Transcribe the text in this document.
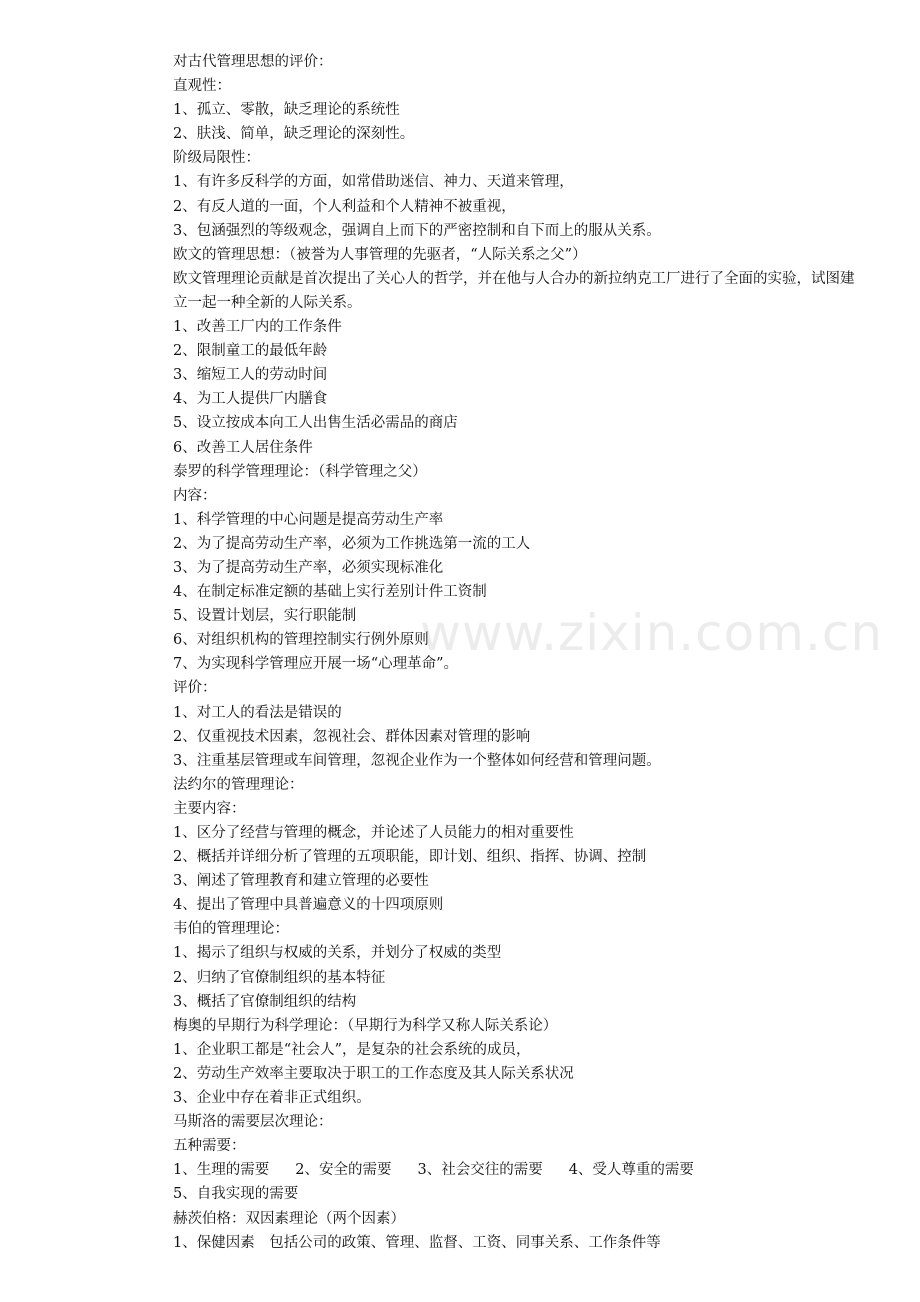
www.zixin.com.cn
对古代管理思想的评价：
直观性：
1、孤立、零散，缺乏理论的系统性
2、肤浅、简单，缺乏理论的深刻性。
阶级局限性：
1、有许多反科学的方面，如常借助迷信、神力、天道来管理，
2、有反人道的一面，个人利益和个人精神不被重视，
3、包涵强烈的等级观念，强调自上而下的严密控制和自下而上的服从关系。
欧文的管理思想：（被誉为人事管理的先驱者，“人际关系之父”）
欧文管理理论贡献是首次提出了关心人的哲学，并在他与人合办的新拉纳克工厂进行了全面的实验，试图建立一起一种全新的人际关系。
1、改善工厂内的工作条件
2、限制童工的最低年龄
3、缩短工人的劳动时间
4、为工人提供厂内膳食
5、设立按成本向工人出售生活必需品的商店
6、改善工人居住条件
泰罗的科学管理理论：（科学管理之父）
内容：
1、科学管理的中心问题是提高劳动生产率
2、为了提高劳动生产率，必须为工作挑选第一流的工人
3、为了提高劳动生产率，必须实现标准化
4、在制定标准定额的基础上实行差别计件工资制
5、设置计划层，实行职能制
6、对组织机构的管理控制实行例外原则
7、为实现科学管理应开展一场“心理革命”。
评价：
1、对工人的看法是错误的
2、仅重视技术因素，忽视社会、群体因素对管理的影响
3、注重基层管理或车间管理，忽视企业作为一个整体如何经营和管理问题。
法约尔的管理理论：
主要内容：
1、区分了经营与管理的概念，并论述了人员能力的相对重要性
2、概括并详细分析了管理的五项职能，即计划、组织、指挥、协调、控制
3、阐述了管理教育和建立管理的必要性
4、提出了管理中具普遍意义的十四项原则
韦伯的管理理论：
1、揭示了组织与权威的关系，并划分了权威的类型
2、归纳了官僚制组织的基本特征
3、概括了官僚制组织的结构
梅奥的早期行为科学理论：（早期行为科学又称人际关系论）
1、企业职工都是“社会人”，是复杂的社会系统的成员，
2、劳动生产效率主要取决于职工的工作态度及其人际关系状况
3、企业中存在着非正式组织。
马斯洛的需要层次理论：
五种需要：
1、生理的需要 2、安全的需要 3、社会交往的需要 4、受人尊重的需要
5、自我实现的需要
赫茨伯格：双因素理论（两个因素）
1、保健因素　包括公司的政策、管理、监督、工资、同事关系、工作条件等
